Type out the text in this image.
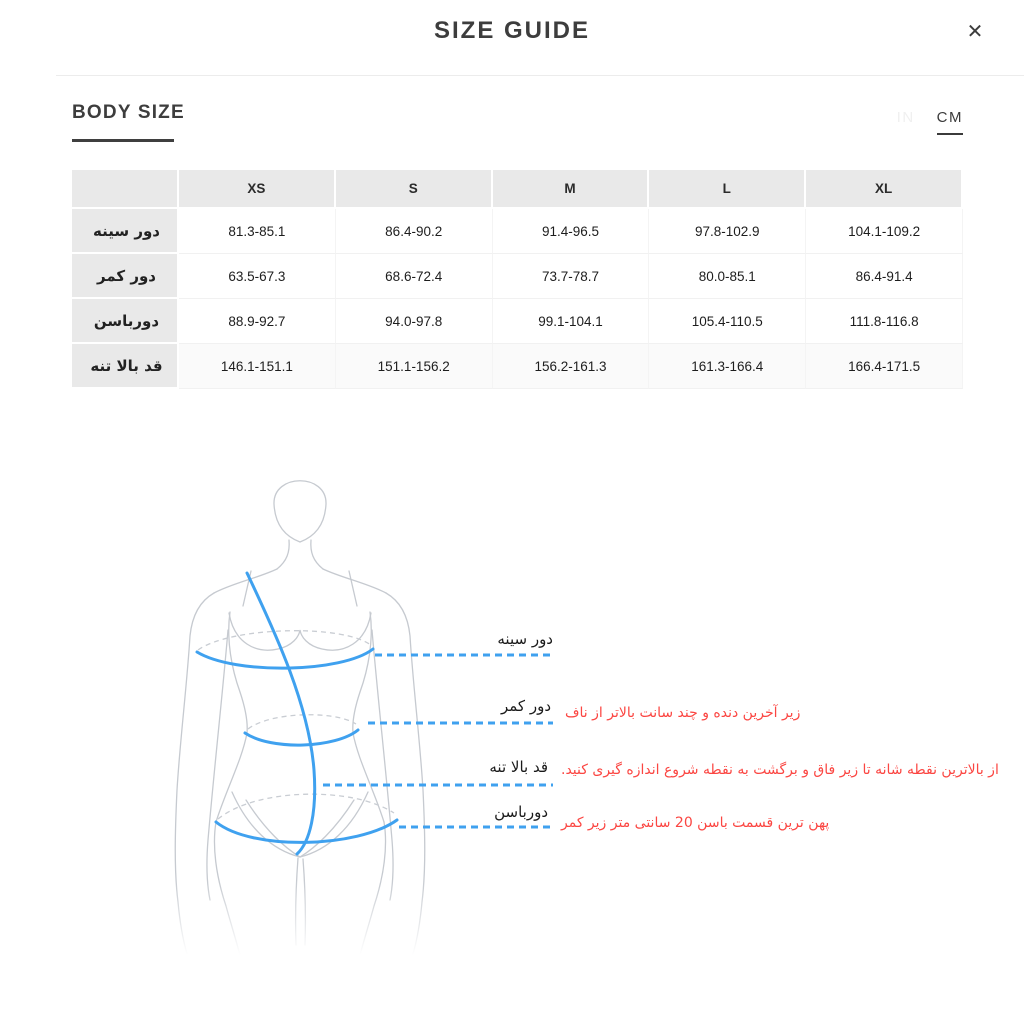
SIZE GUIDE	✕
BODY SIZE	IN CM
	XS	S	M	L	XL
دور سینه	81.3-85.1	86.4-90.2	91.4-96.5	97.8-102.9	104.1-109.2
دور کمر	63.5-67.3	68.6-72.4	73.7-78.7	80.0-85.1	86.4-91.4
دورباسن	88.9-92.7	94.0-97.8	99.1-104.1	105.4-110.5	111.8-116.8
قد بالا تنه	146.1-151.1	151.1-156.2	156.2-161.3	161.3-166.4	166.4-171.5
دور سینه
دور کمر زیر آخرین دنده و چند سانت بالاتر از ناف
قد بالا تنه از بالاترین نقطه شانه تا زیر فاق و برگشت به نقطه شروع اندازه گیری کنید.
دورباسن
پهن ترین قسمت باسن 20 سانتی متر زیر کمر
